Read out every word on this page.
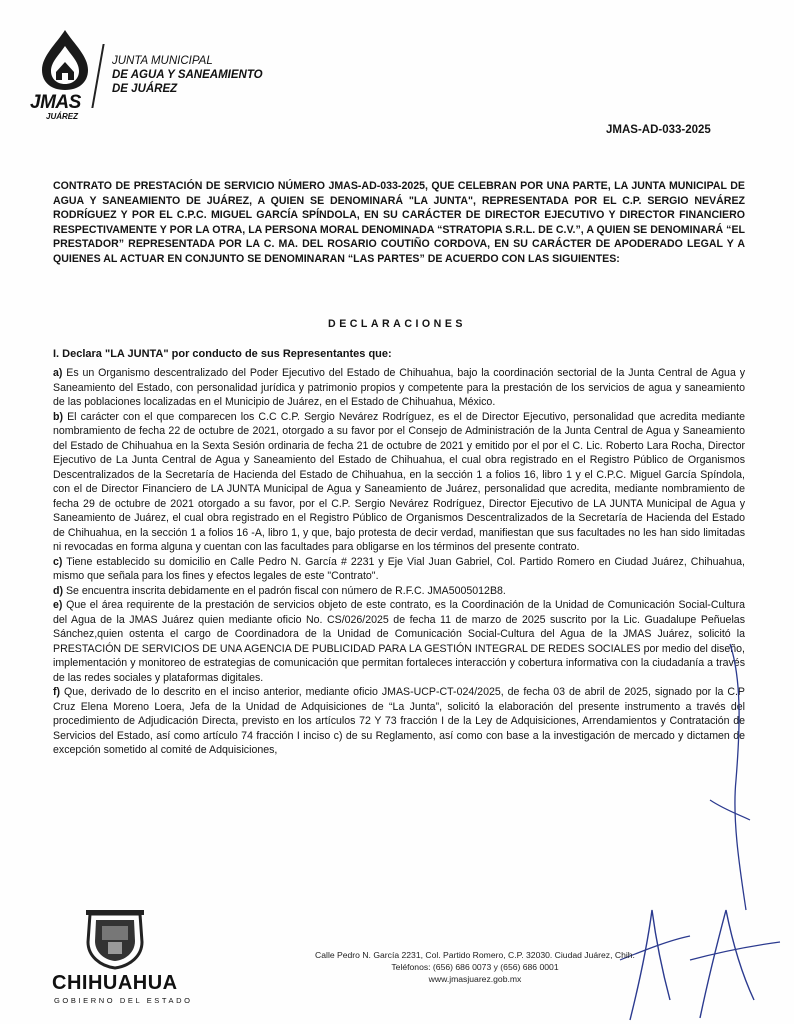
JMAS
JUÁREZ
JUNTA MUNICIPAL
DE AGUA Y SANEAMIENTO
DE JUÁREZ
JMAS-AD-033-2025
CONTRATO DE PRESTACIÓN DE SERVICIO NÚMERO JMAS-AD-033-2025, QUE CELEBRAN POR UNA PARTE, LA JUNTA MUNICIPAL DE AGUA Y SANEAMIENTO DE JUÁREZ, A QUIEN SE DENOMINARÁ "LA JUNTA", REPRESENTADA POR EL C.P. SERGIO NEVÁREZ RODRÍGUEZ Y POR EL C.P.C. MIGUEL GARCÍA SPÍNDOLA, EN SU CARÁCTER DE DIRECTOR EJECUTIVO Y DIRECTOR FINANCIERO RESPECTIVAMENTE Y POR LA OTRA, LA PERSONA MORAL DENOMINADA “STRATOPIA S.R.L. DE C.V.”, A QUIEN SE DENOMINARÁ “EL PRESTADOR” REPRESENTADA POR LA C. MA. DEL ROSARIO COUTIÑO CORDOVA, EN SU CARÁCTER DE APODERADO LEGAL Y A QUIENES AL ACTUAR EN CONJUNTO SE DENOMINARAN “LAS PARTES” DE ACUERDO CON LAS SIGUIENTES:
DECLARACIONES
I. Declara "LA JUNTA" por conducto de sus Representantes que:

a) Es un Organismo descentralizado del Poder Ejecutivo del Estado de Chihuahua, bajo la coordinación sectorial de la Junta Central de Agua y Saneamiento del Estado, con personalidad jurídica y patrimonio propios y competente para la prestación de los servicios de agua y saneamiento de las poblaciones localizadas en el Municipio de Juárez, en el Estado de Chihuahua, México.

b) El carácter con el que comparecen los C.C C.P. Sergio Nevárez Rodríguez, es el de Director Ejecutivo, personalidad que acredita mediante nombramiento de fecha 22 de octubre de 2021, otorgado a su favor por el Consejo de Administración de la Junta Central de Agua y Saneamiento del Estado de Chihuahua en la Sexta Sesión ordinaria de fecha 21 de octubre de 2021 y emitido por el por el C. Lic. Roberto Lara Rocha, Director Ejecutivo de La Junta Central de Agua y Saneamiento del Estado de Chihuahua, el cual obra registrado en el Registro Público de Organismos Descentralizados de la Secretaría de Hacienda del Estado de Chihuahua, en la sección 1 a folios 16, libro 1 y el C.P.C. Miguel García Spíndola, con el de Director Financiero de LA JUNTA Municipal de Agua y Saneamiento de Juárez, personalidad que acredita, mediante nombramiento de fecha 29 de octubre de 2021 otorgado a su favor, por el C.P. Sergio Nevárez Rodríguez, Director Ejecutivo de LA JUNTA Municipal de Agua y Saneamiento de Juárez, el cual obra registrado en el Registro Público de Organismos Descentralizados de la Secretaría de Hacienda del Estado de Chihuahua, en la sección 1 a folios 16 -A, libro 1, y que, bajo protesta de decir verdad, manifiestan que sus facultades no les han sido limitadas ni revocadas en forma alguna y cuentan con las facultades para obligarse en los términos del presente contrato.

c) Tiene establecido su domicilio en Calle Pedro N. García # 2231 y Eje Vial Juan Gabriel, Col. Partido Romero en Ciudad Juárez, Chihuahua, mismo que señala para los fines y efectos legales de este "Contrato".

d) Se encuentra inscrita debidamente en el padrón fiscal con número de R.F.C. JMA5005012B8.

e) Que el área requirente de la prestación de servicios objeto de este contrato, es la Coordinación de la Unidad de Comunicación Social-Cultura del Agua de la JMAS Juárez quien mediante oficio No. CS/026/2025 de fecha 11 de marzo de 2025 suscrito por la Lic. Guadalupe Peñuelas Sánchez,quien ostenta el cargo de Coordinadora de la Unidad de Comunicación Social-Cultura del Agua de la JMAS Juárez, solicitó la PRESTACIÓN DE SERVICIOS DE UNA AGENCIA DE PUBLICIDAD PARA LA GESTIÓN INTEGRAL DE REDES SOCIALES por medio del diseño, implementación y monitoreo de estrategias de comunicación que permitan fortaleces interacción y cobertura informativa con la ciudadanía a través de las redes sociales y plataformas digitales.

f) Que, derivado de lo descrito en el inciso anterior, mediante oficio JMAS-UCP-CT-024/2025, de fecha 03 de abril de 2025, signado por la C.P Cruz Elena Moreno Loera, Jefa de la Unidad de Adquisiciones de “La Junta”, solicitó la elaboración del presente instrumento a través del procedimiento de Adjudicación Directa, previsto en los artículos 72 Y 73 fracción I de la Ley de Adquisiciones, Arrendamientos y Contratación de Servicios del Estado, así como artículo 74 fracción I inciso c) de su Reglamento, así como con base a la investigación de mercado y dictamen de excepción sometido al comité de Adquisiciones,

CHIHUAHUA
GOBIERNO DEL ESTADO
Calle Pedro N. García 2231, Col. Partido Romero, C.P. 32030. Ciudad Juárez, Chih.
Teléfonos: (656) 686 0073 y (656) 686 0001
www.jmasjuarez.gob.mx
